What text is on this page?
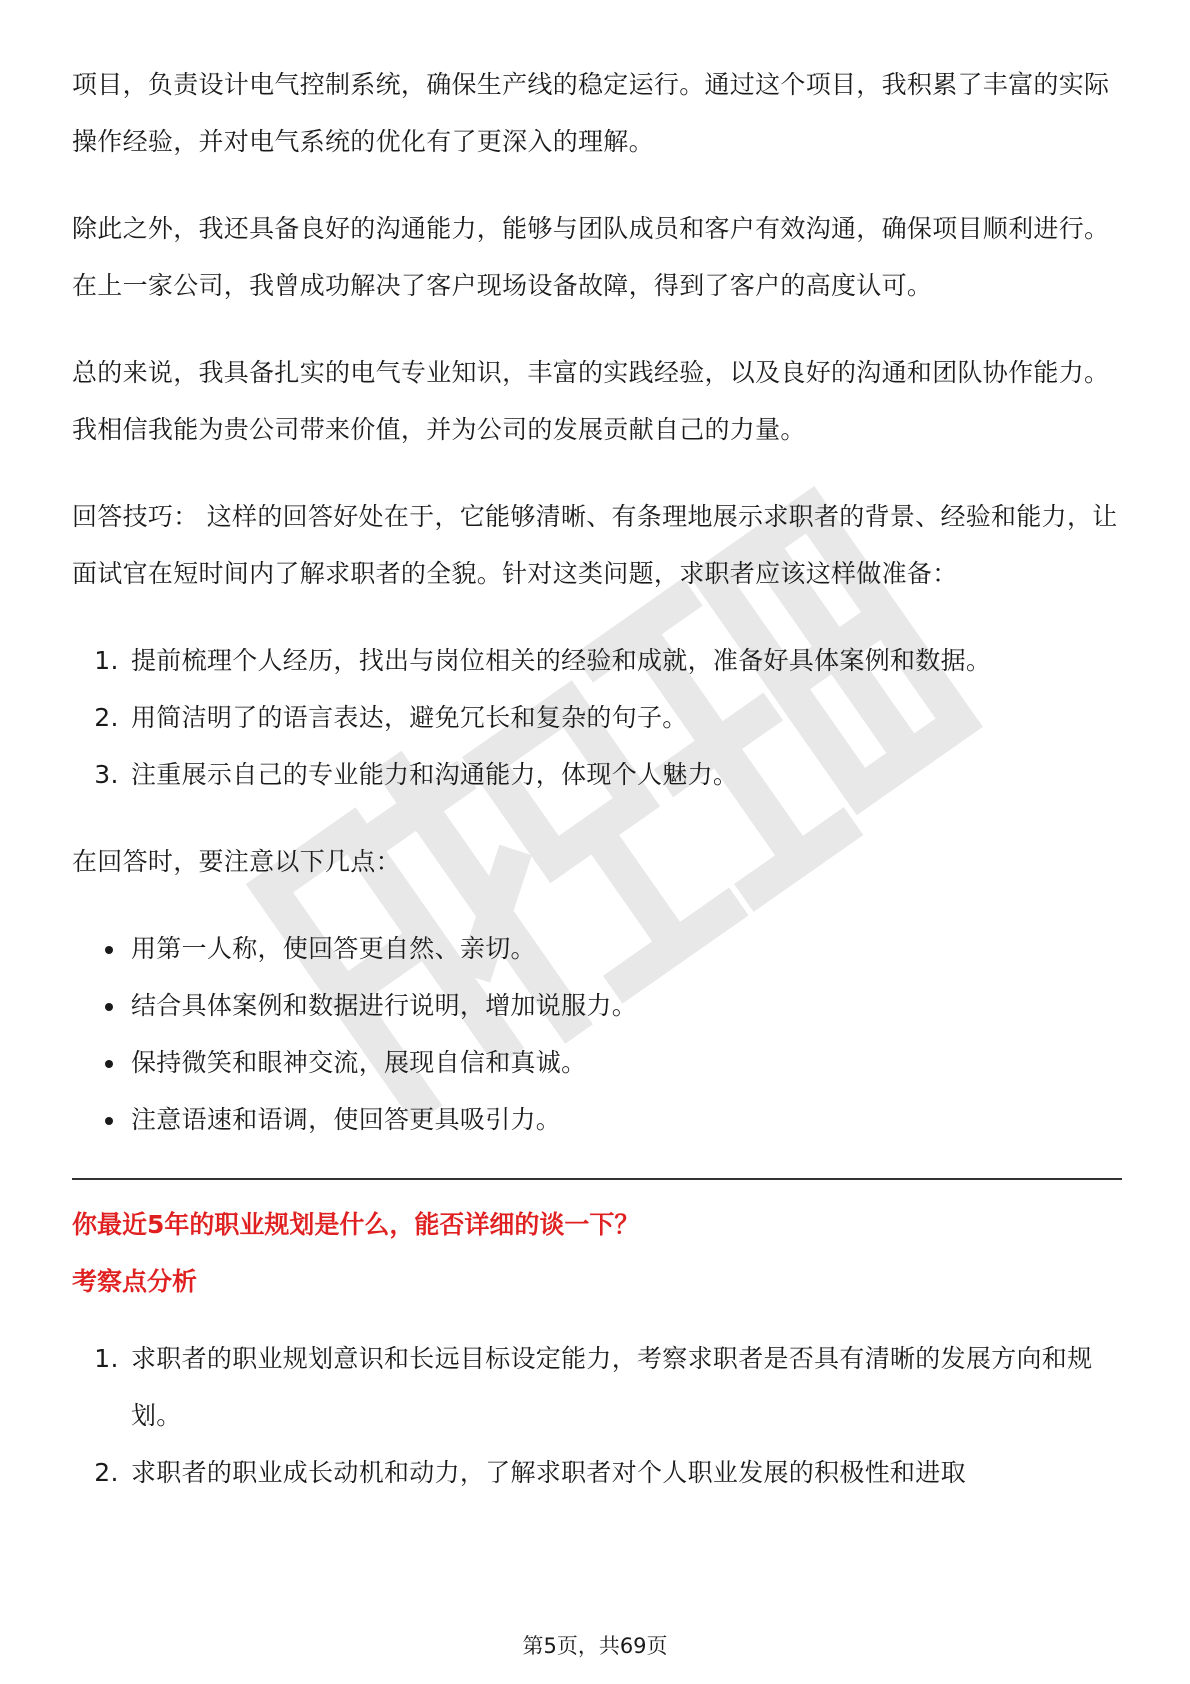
项目，负责设计电气控制系统，确保生产线的稳定运行。通过这个项目，我积累了丰富的实际操作经验，并对电气系统的优化有了更深入的理解。

除此之外，我还具备良好的沟通能力，能够与团队成员和客户有效沟通，确保项目顺利进行。在上一家公司，我曾成功解决了客户现场设备故障，得到了客户的高度认可。

总的来说，我具备扎实的电气专业知识，丰富的实践经验，以及良好的沟通和团队协作能力。我相信我能为贵公司带来价值，并为公司的发展贡献自己的力量。

回答技巧： 这样的回答好处在于，它能够清晰、有条理地展示求职者的背景、经验和能力，让面试官在短时间内了解求职者的全貌。针对这类问题，求职者应该这样做准备：

1. 提前梳理个人经历，找出与岗位相关的经验和成就，准备好具体案例和数据。
2. 用简洁明了的语言表达，避免冗长和复杂的句子。
3. 注重展示自己的专业能力和沟通能力，体现个人魅力。

在回答时，要注意以下几点：

• 用第一人称，使回答更自然、亲切。
• 结合具体案例和数据进行说明，增加说服力。
• 保持微笑和眼神交流，展现自信和真诚。
• 注意语速和语调，使回答更具吸引力。

你最近5年的职业规划是什么，能否详细的谈一下？

考察点分析

1. 求职者的职业规划意识和长远目标设定能力，考察求职者是否具有清晰的发展方向和规划。
2. 求职者的职业成长动机和动力，了解求职者对个人职业发展的积极性和进取
第5页，共69页
